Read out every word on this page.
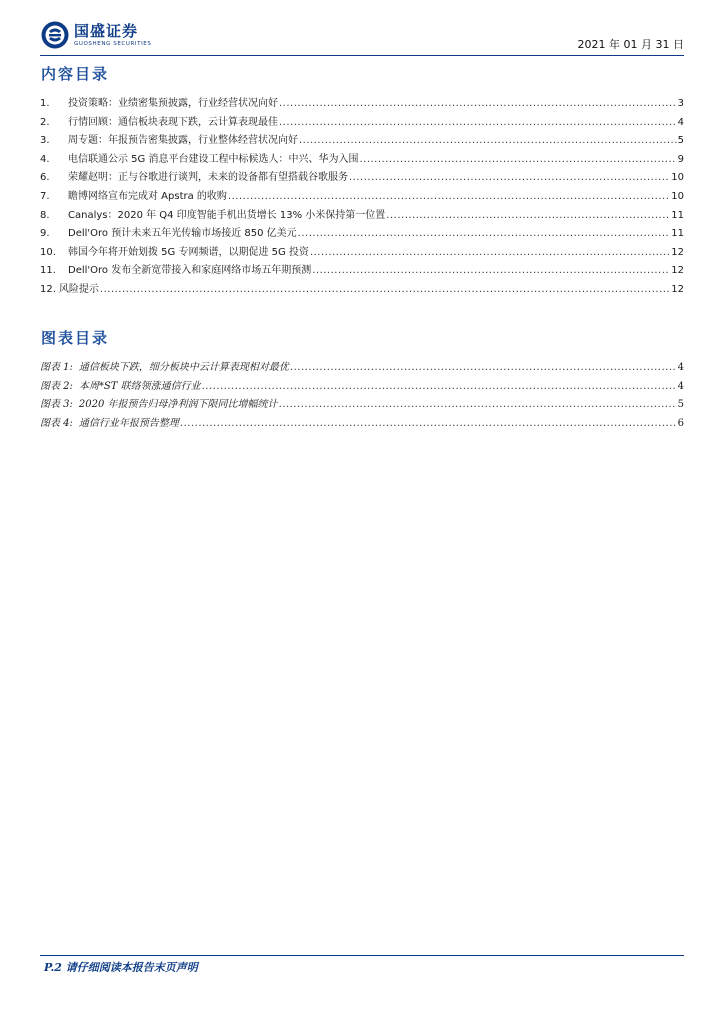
国盛证券
GUOSHENG SECURITIES	2021 年 01 月 31 日
内容目录
1.	投资策略：业绩密集预披露，行业经营状况向好 .....	3
2.	行情回顾：通信板块表现下跌，云计算表现最佳 .....	4
3.	周专题：年报预告密集披露，行业整体经营状况向好 .....	5
4.	电信联通公示 5G 消息平台建设工程中标候选人：中兴、华为入围 .....	9
6.	荣耀赵明：正与谷歌进行谈判，未来的设备都有望搭载谷歌服务 .....	10
7.	瞻博网络宣布完成对 Apstra 的收购 .....	10
8.	Canalys：2020 年 Q4 印度智能手机出货增长 13% 小米保持第一位置 .....	11
9.	Dell'Oro 预计未来五年光传输市场接近 850 亿美元 .....	11
10.	韩国今年将开始划拨 5G 专网频谱，以期促进 5G 投资 .....	12
11.	Dell'Oro 发布全新宽带接入和家庭网络市场五年期预测 .....	12
12. 风险提示 .....	12
图表目录
图表 1: 通信板块下跌，细分板块中云计算表现相对最优 .....	4
图表 2: 本周*ST 联络领涨通信行业 .....	4
图表 3: 2020 年报预告归母净利润下限同比增幅统计 .....	5
图表 4: 通信行业年报预告整理 .....	6
P.2 请仔细阅读本报告末页声明
